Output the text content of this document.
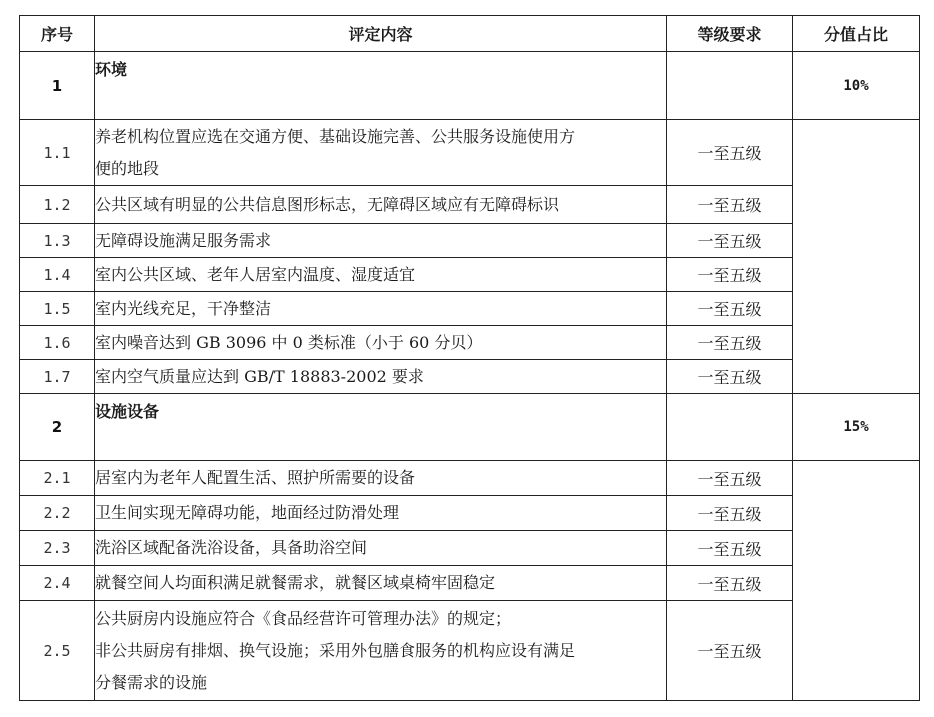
序号	评定内容	等级要求	分值占比
1	环境		10%
1.1	养老机构位置应选在交通方便、基础设施完善、公共服务设施使用方
便的地段	一至五级	
1.2	公共区域有明显的公共信息图形标志，无障碍区域应有无障碍标识	一至五级	
1.3	无障碍设施满足服务需求	一至五级	
1.4	室内公共区域、老年人居室内温度、湿度适宜	一至五级	
1.5	室内光线充足，干净整洁	一至五级	
1.6	室内噪音达到 GB 3096 中 0 类标准（小于 60 分贝）	一至五级	
1.7	室内空气质量应达到 GB/T 18883-2002 要求	一至五级	
2	设施设备		15%
2.1	居室内为老年人配置生活、照护所需要的设备	一至五级	
2.2	卫生间实现无障碍功能，地面经过防滑处理	一至五级	
2.3	洗浴区域配备洗浴设备，具备助浴空间	一至五级	
2.4	就餐空间人均面积满足就餐需求，就餐区域桌椅牢固稳定	一至五级	
2.5	公共厨房内设施应符合《食品经营许可管理办法》的规定；
非公共厨房有排烟、换气设施；采用外包膳食服务的机构应设有满足
分餐需求的设施	一至五级	
